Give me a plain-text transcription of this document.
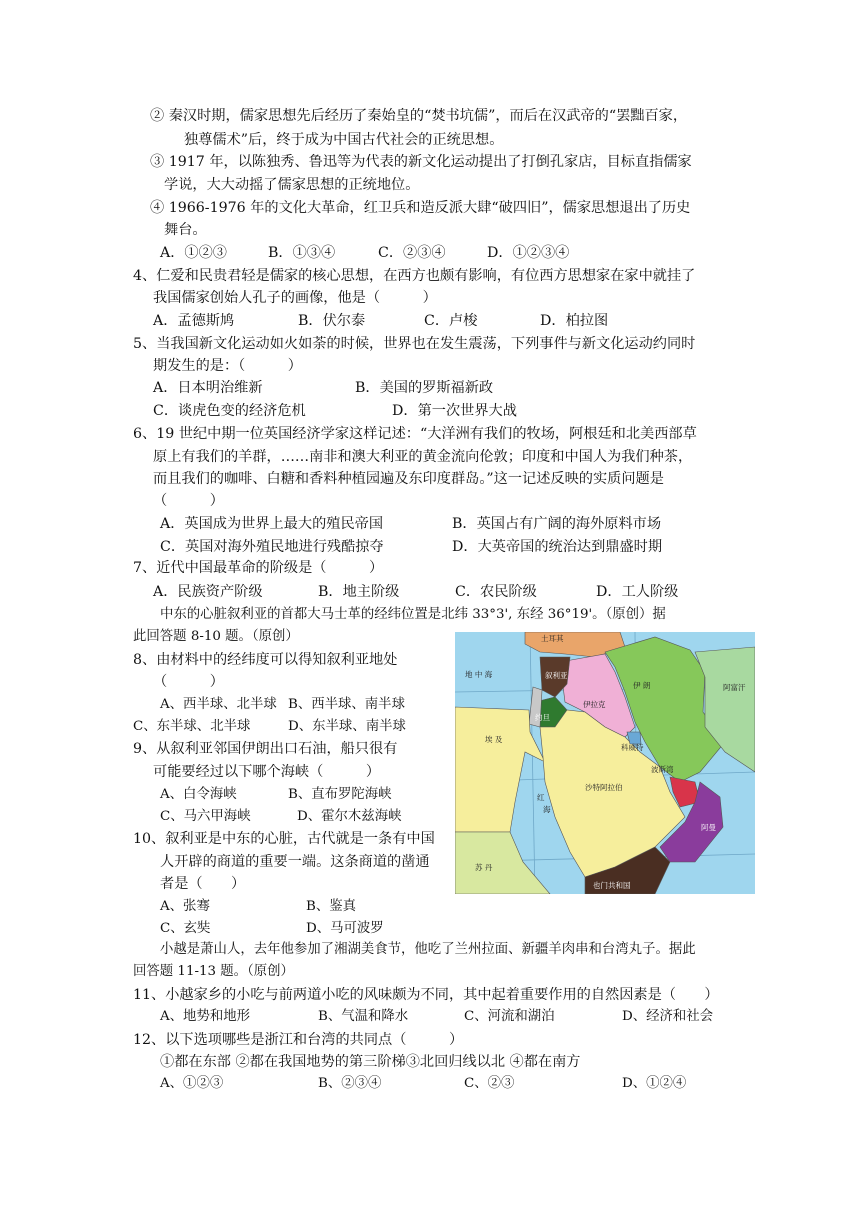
② 秦汉时期，儒家思想先后经历了秦始皇的“焚书坑儒”，而后在汉武帝的“罢黜百家，
独尊儒术”后，终于成为中国古代社会的正统思想。
③ 1917 年，以陈独秀、鲁迅等为代表的新文化运动提出了打倒孔家店，目标直指儒家
学说，大大动摇了儒家思想的正统地位。
④ 1966-1976 年的文化大革命，红卫兵和造反派大肆“破四旧”，儒家思想退出了历史
舞台。
A．①②③	B．①③④	C．②③④	D．①②③④
4、仁爱和民贵君轻是儒家的核心思想，在西方也颇有影响，有位西方思想家在家中就挂了
我国儒家创始人孔子的画像，他是（　　　）
A．孟德斯鸠	B．伏尔泰	C．卢梭	D．柏拉图
5、当我国新文化运动如火如荼的时候，世界也在发生震荡，下列事件与新文化运动约同时
期发生的是：（　　　）
A．日本明治维新	B．美国的罗斯福新政
C．谈虎色变的经济危机	D．第一次世界大战
6、19 世纪中期一位英国经济学家这样记述：“大洋洲有我们的牧场，阿根廷和北美西部草
原上有我们的羊群，……南非和澳大利亚的黄金流向伦敦；印度和中国人为我们种茶，
而且我们的咖啡、白糖和香料种植园遍及东印度群岛。”这一记述反映的实质问题是
（　　　）
A．英国成为世界上最大的殖民帝国	B．英国占有广阔的海外原料市场
C．英国对海外殖民地进行残酷掠夺	D．大英帝国的统治达到鼎盛时期
7、近代中国最革命的阶级是（　　　）
A．民族资产阶级	B．地主阶级	C．农民阶级	D．工人阶级
中东的心脏叙利亚的首都大马士革的经纬位置是北纬 33°3', 东经 36°19'。（原创）据
此回答题 8-10 题。（原创）
8、由材料中的经纬度可以得知叙利亚地处
（　　　）
A、西半球、北半球 B、西半球、南半球
C、东半球、北半球	D、东半球、南半球
9、从叙利亚邻国伊朗出口石油，船只很有
可能要经过以下哪个海峡（　　　）
A、白令海峡	B、直布罗陀海峡
C、马六甲海峡	D、霍尔木兹海峡
10、叙利亚是中东的心脏，古代就是一条有中国
人开辟的商道的重要一端。这条商道的凿通
者是（　　）
A、张骞	B、鉴真
C、玄奘	D、马可波罗
小越是萧山人，去年他参加了湘湖美食节，他吃了兰州拉面、新疆羊肉串和台湾丸子。据此
回答题 11-13 题。（原创）
11、小越家乡的小吃与前两道小吃的风味颇为不同，其中起着重要作用的自然因素是（　　）
A、地势和地形	B、气温和降水	C、河流和湖泊	D、经济和社会
12、以下选项哪些是浙江和台湾的共同点（　　　）
①都在东部 ②都在我国地势的第三阶梯③北回归线以北 ④都在南方
A、①②③	B、②③④	C、②③	D、①②④
土耳其
地 中 海	叙利亚
伊拉克
伊 朗	阿富汗
约旦
埃 及
科威特
波斯湾
沙特阿拉伯
红
海
阿曼
苏 丹
也门共和国
